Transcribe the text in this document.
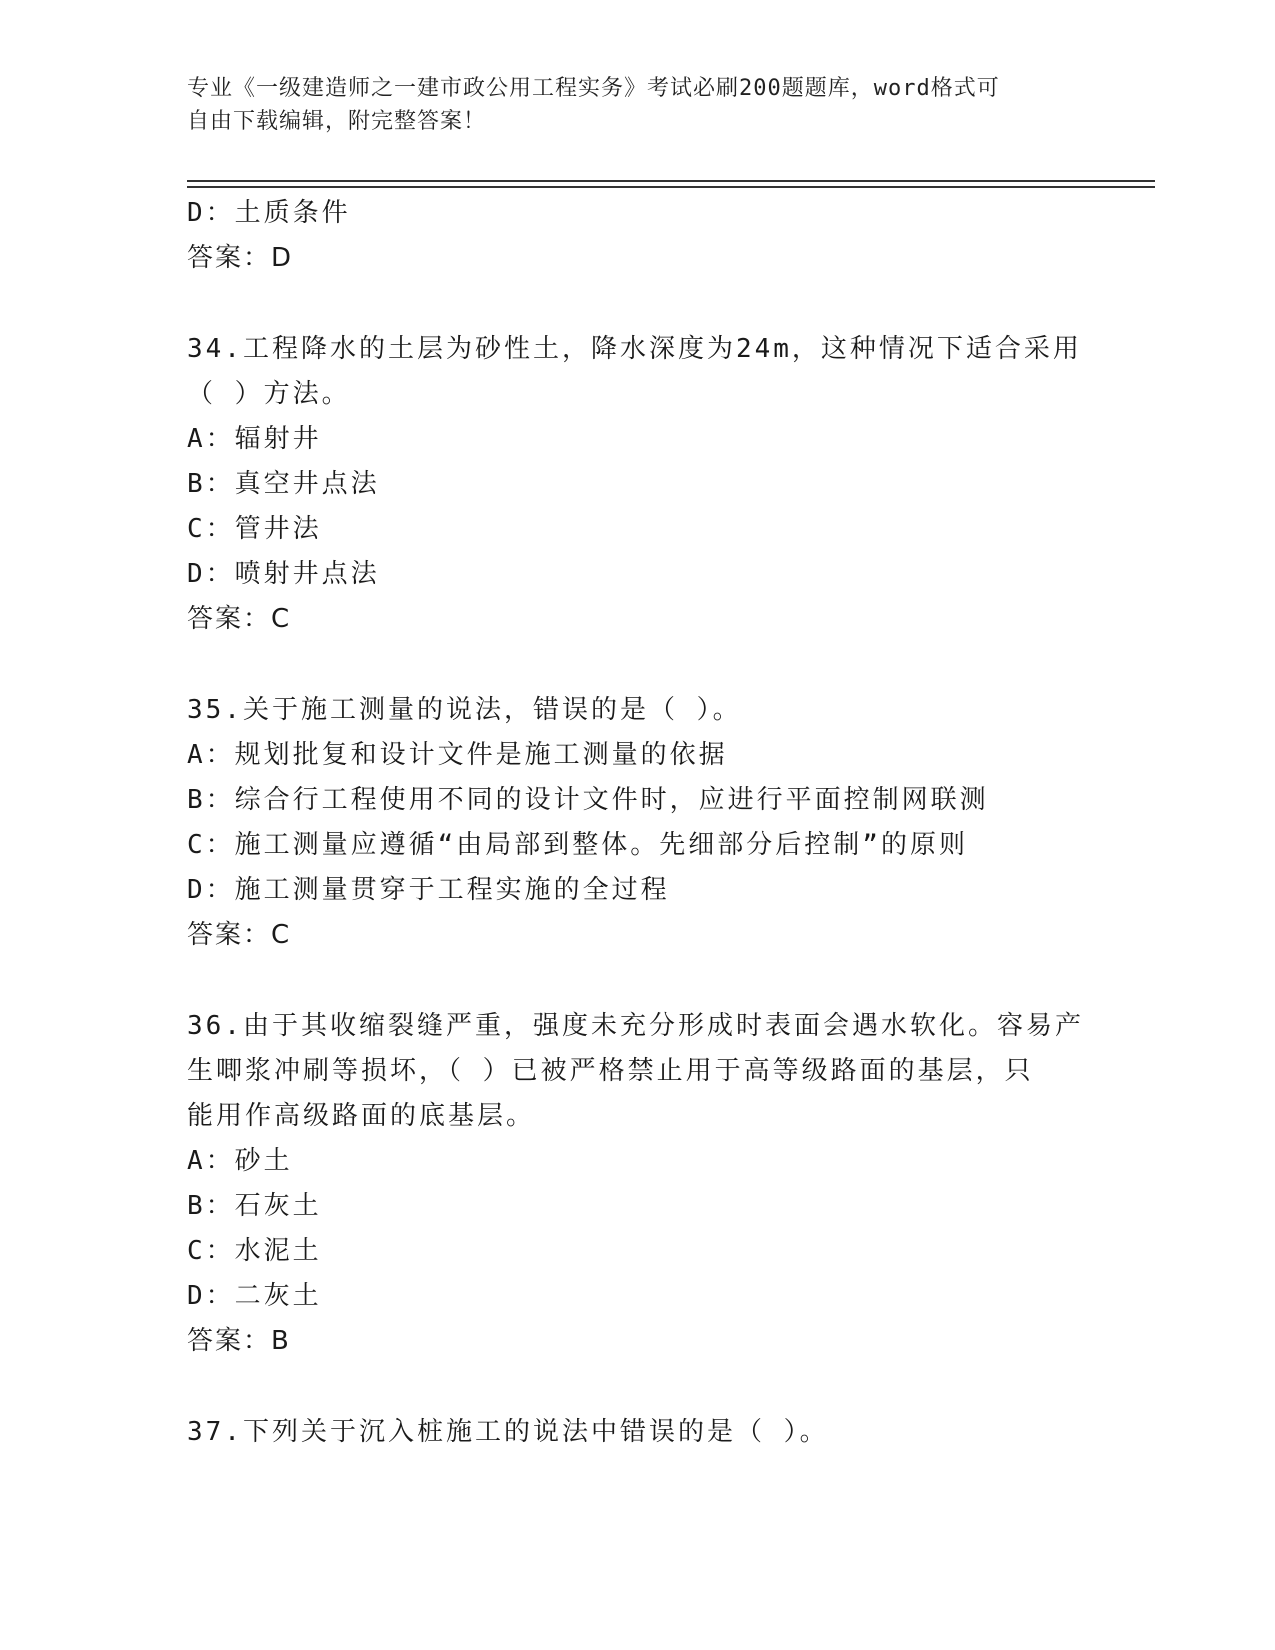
专业《一级建造师之一建市政公用工程实务》考试必刷200题题库，word格式可
自由下载编辑，附完整答案！
D：土质条件
答案：D
34.工程降水的土层为砂性土，降水深度为24m，这种情况下适合采用
（ ）方法。
A：辐射井
B：真空井点法
C：管井法
D：喷射井点法
答案：C
35.关于施工测量的说法，错误的是（ ）。
A：规划批复和设计文件是施工测量的依据
B：综合行工程使用不同的设计文件时，应进行平面控制网联测
C：施工测量应遵循“由局部到整体。先细部分后控制”的原则
D：施工测量贯穿于工程实施的全过程
答案：C
36.由于其收缩裂缝严重，强度未充分形成时表面会遇水软化。容易产
生唧浆冲刷等损坏，（ ）已被严格禁止用于高等级路面的基层，只
能用作高级路面的底基层。
A：砂土
B：石灰土
C：水泥土
D：二灰土
答案：B
37.下列关于沉入桩施工的说法中错误的是（ ）。
